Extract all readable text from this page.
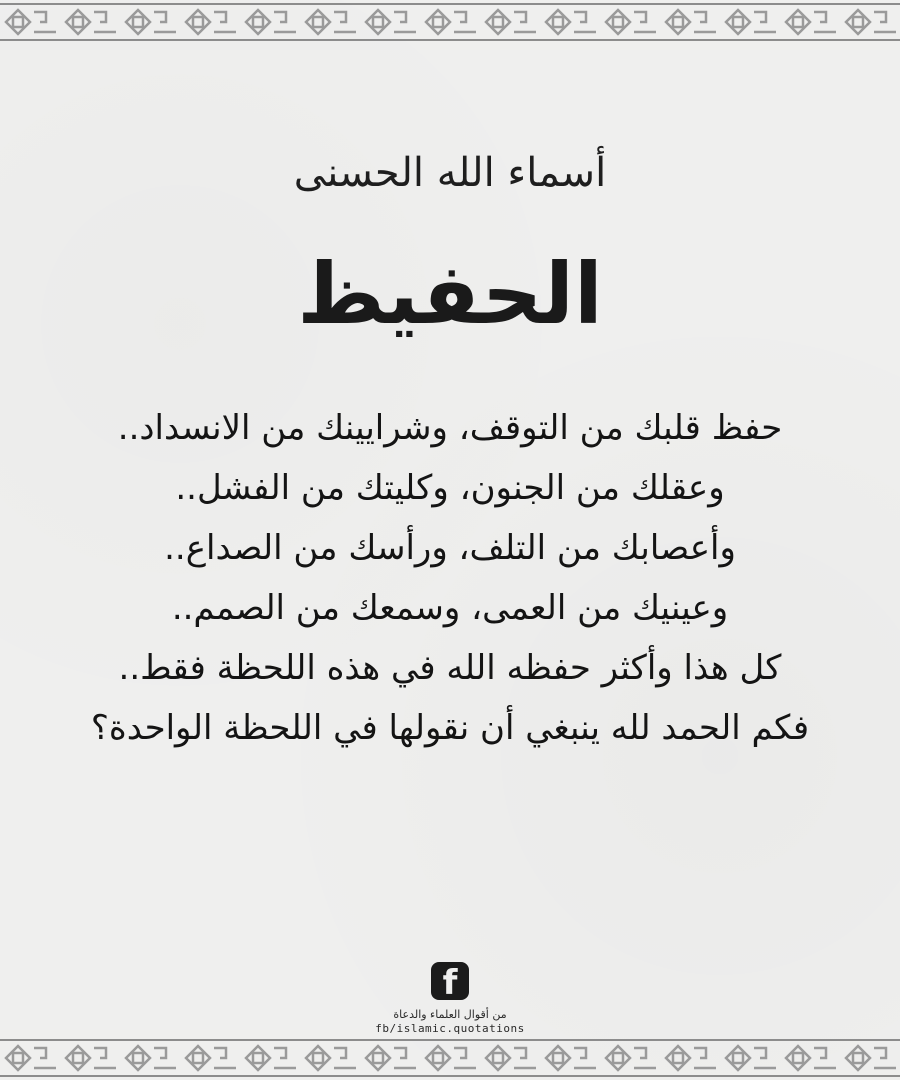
أسماء الله الحسنى
الحفيظ
حفظ قلبك من التوقف، وشرايينك من الانسداد..
وعقلك من الجنون، وكليتك من الفشل..
وأعصابك من التلف، ورأسك من الصداع..
وعينيك من العمى، وسمعك من الصمم..
كل هذا وأكثر حفظه الله في هذه اللحظة فقط..
فكم الحمد لله ينبغي أن نقولها في اللحظة الواحدة؟
f
من أقوال العلماء والدعاة
fb/islamic.quotations
